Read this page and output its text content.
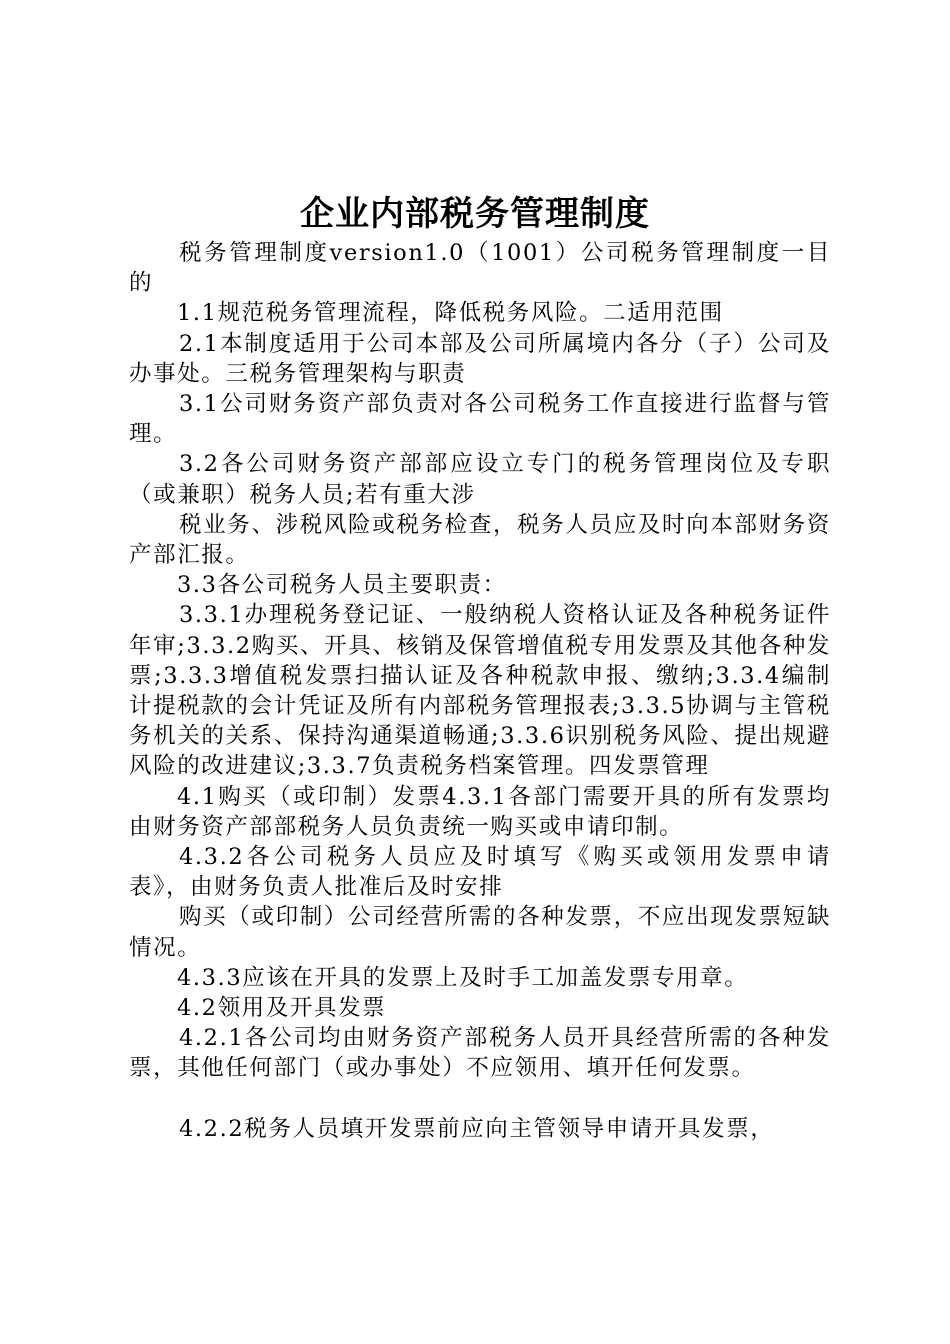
企业内部税务管理制度

税务管理制度version1.0（1001）公司税务管理制度一目的

1.1规范税务管理流程，降低税务风险。二适用范围

2.1本制度适用于公司本部及公司所属境内各分（子）公司及办事处。三税务管理架构与职责

3.1公司财务资产部负责对各公司税务工作直接进行监督与管理。

3.2各公司财务资产部部应设立专门的税务管理岗位及专职（或兼职）税务人员;若有重大涉

税业务、涉税风险或税务检查，税务人员应及时向本部财务资产部汇报。

3.3各公司税务人员主要职责：

3.3.1办理税务登记证、一般纳税人资格认证及各种税务证件年审;3.3.2购买、开具、核销及保管增值税专用发票及其他各种发票;3.3.3增值税发票扫描认证及各种税款申报、缴纳;3.3.4编制计提税款的会计凭证及所有内部税务管理报表;3.3.5协调与主管税务机关的关系、保持沟通渠道畅通;3.3.6识别税务风险、提出规避风险的改进建议;3.3.7负责税务档案管理。四发票管理

4.1购买（或印制）发票4.3.1各部门需要开具的所有发票均由财务资产部部税务人员负责统一购买或申请印制。

4.3.2各公司税务人员应及时填写《购买或领用发票申请表》，由财务负责人批准后及时安排

购买（或印制）公司经营所需的各种发票，不应出现发票短缺情况。

4.3.3应该在开具的发票上及时手工加盖发票专用章。

4.2领用及开具发票

4.2.1各公司均由财务资产部税务人员开具经营所需的各种发票，其他任何部门（或办事处）不应领用、填开任何发票。

4.2.2税务人员填开发票前应向主管领导申请开具发票，
